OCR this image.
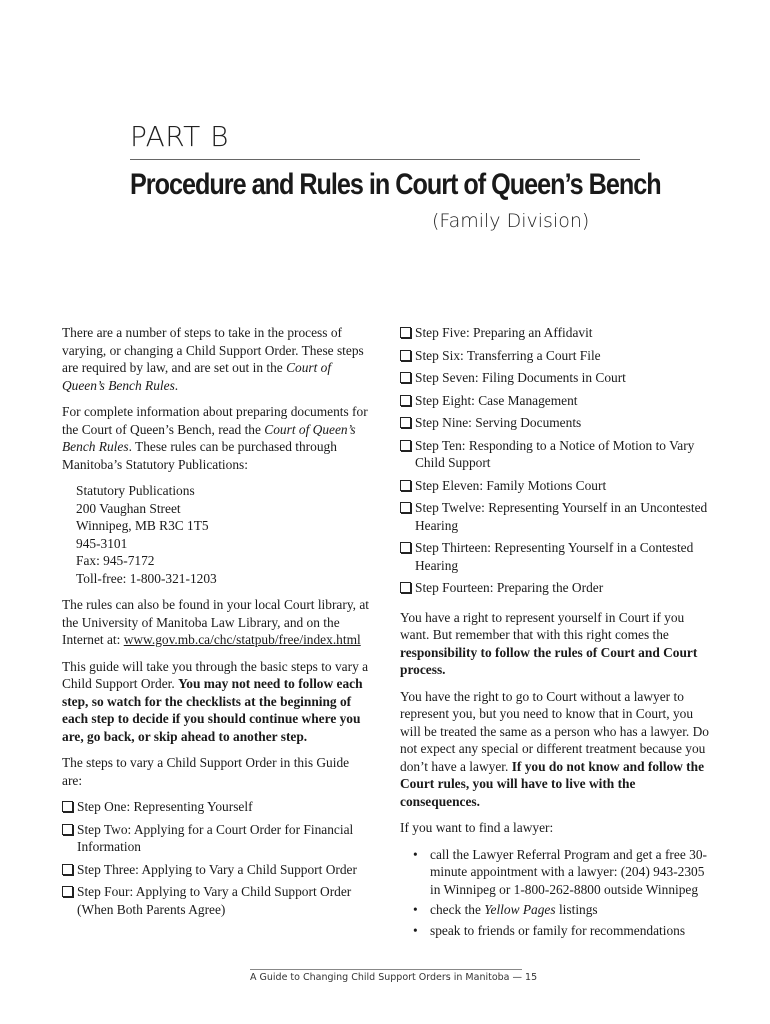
PART B
Procedure and Rules in Court of Queen’s Bench
(Family Division)

There are a number of steps to take in the process of varying, or changing a Child Support Order. These steps are required by law, and are set out in the Court of Queen’s Bench Rules.

For complete information about preparing documents for the Court of Queen’s Bench, read the Court of Queen’s Bench Rules. These rules can be purchased through Manitoba’s Statutory Publications:

Statutory Publications
200 Vaughan Street
Winnipeg, MB R3C 1T5
945-3101
Fax: 945-7172
Toll-free: 1-800-321-1203

The rules can also be found in your local Court library, at the University of Manitoba Law Library, and on the Internet at: www.gov.mb.ca/chc/statpub/free/index.html

This guide will take you through the basic steps to vary a Child Support Order. You may not need to follow each step, so watch for the checklists at the beginning of each step to decide if you should continue where you are, go back, or skip ahead to another step.

The steps to vary a Child Support Order in this Guide are:

Step One: Representing Yourself
Step Two: Applying for a Court Order for Financial Information
Step Three: Applying to Vary a Child Support Order
Step Four: Applying to Vary a Child Support Order (When Both Parents Agree)
Step Five: Preparing an Affidavit
Step Six: Transferring a Court File
Step Seven: Filing Documents in Court
Step Eight: Case Management
Step Nine: Serving Documents
Step Ten: Responding to a Notice of Motion to Vary Child Support
Step Eleven: Family Motions Court
Step Twelve: Representing Yourself in an Uncontested Hearing
Step Thirteen: Representing Yourself in a Contested Hearing
Step Fourteen: Preparing the Order

You have a right to represent yourself in Court if you want. But remember that with this right comes the responsibility to follow the rules of Court and Court process.

You have the right to go to Court without a lawyer to represent you, but you need to know that in Court, you will be treated the same as a person who has a lawyer. Do not expect any special or different treatment because you don’t have a lawyer. If you do not know and follow the Court rules, you will have to live with the consequences.

If you want to find a lawyer:

• call the Lawyer Referral Program and get a free 30-minute appointment with a lawyer: (204) 943-2305 in Winnipeg or 1-800-262-8800 outside Winnipeg
• check the Yellow Pages listings
• speak to friends or family for recommendations
A Guide to Changing Child Support Orders in Manitoba — 15
